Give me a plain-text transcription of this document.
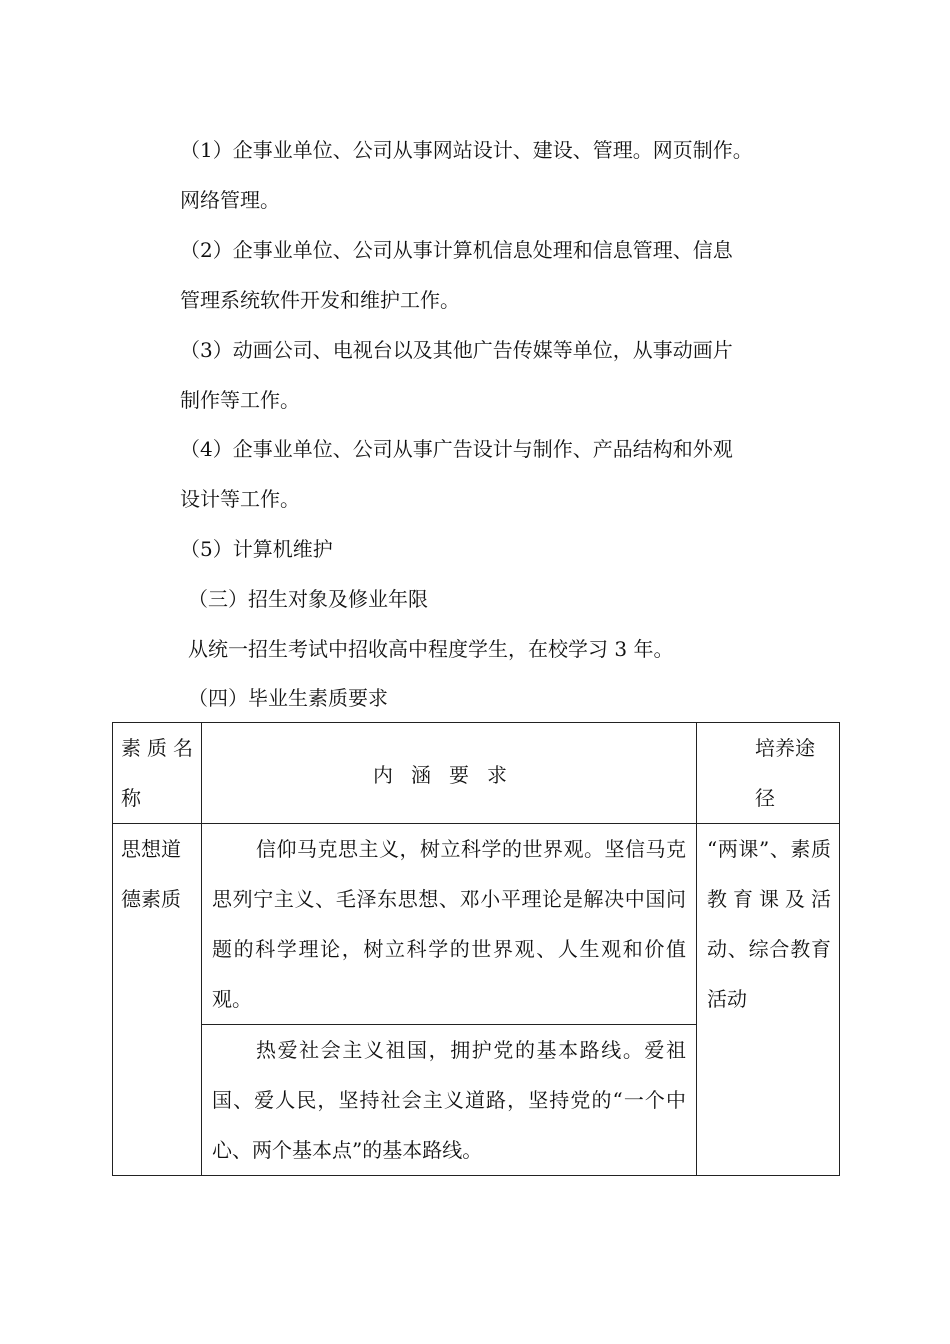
（1）企事业单位、公司从事网站设计、建设、管理。网页制作。
网络管理。
（2）企事业单位、公司从事计算机信息处理和信息管理、信息
管理系统软件开发和维护工作。
（3）动画公司、电视台以及其他广告传媒等单位，从事动画片
制作等工作。
（4）企事业单位、公司从事广告设计与制作、产品结构和外观
设计等工作。
（5）计算机维护
（三）招生对象及修业年限
从统一招生考试中招收高中程度学生，在校学习 3 年。
（四）毕业生素质要求
素质名称	内涵要求	培养途径

思想道德素质	信仰马克思主义，树立科学的世界观。坚信马克思列宁主义、毛泽东思想、邓小平理论是解决中国问题的科学理论，树立科学的世界观、人生观和价值观。	“两课”、素质教育课及活动、综合教育活动

	热爱社会主义祖国，拥护党的基本路线。爱祖国、爱人民，坚持社会主义道路，坚持党的“一个中心、两个基本点”的基本路线。	
